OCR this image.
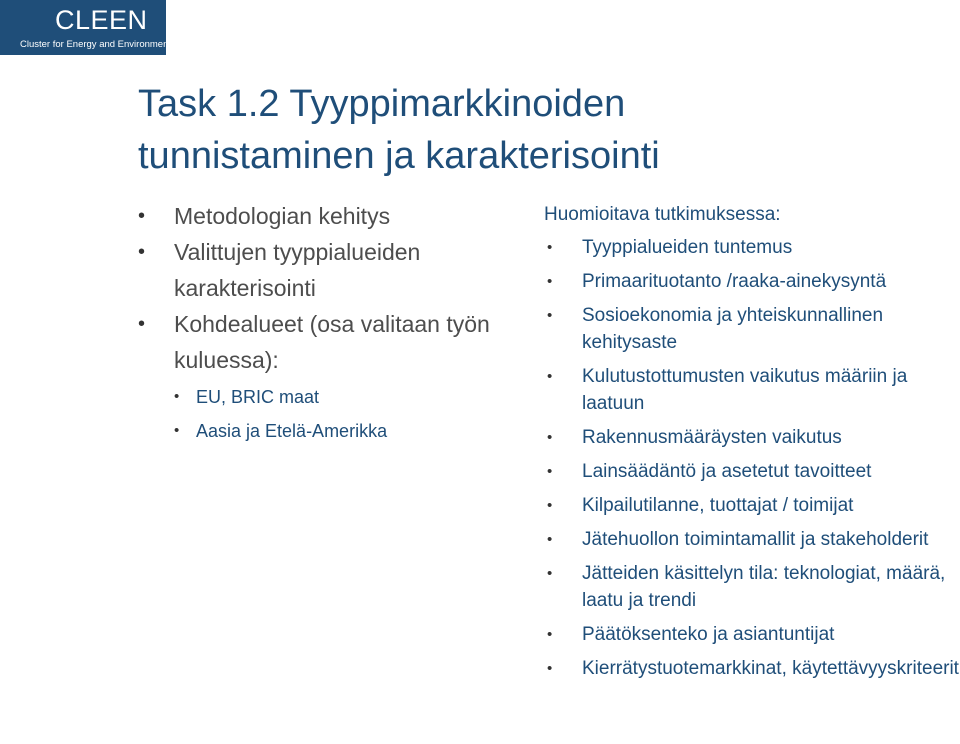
CLEEN
Cluster for Energy and Environment
Task 1.2 Tyyppimarkkinoiden tunnistaminen ja karakterisointi
• Metodologian kehitys
• Valittujen tyyppialueiden karakterisointi
• Kohdealueet (osa valitaan työn kuluessa):
• EU, BRIC maat
• Aasia ja Etelä-Amerikka

Huomioitava tutkimuksessa:

• Tyyppialueiden tuntemus
• Primaarituotanto /raaka-ainekysyntä
• Sosioekonomia ja yhteiskunnallinen kehitysaste
• Kulutustottumusten vaikutus määriin ja laatuun
• Rakennusmääräysten vaikutus
• Lainsäädäntö ja asetetut tavoitteet
• Kilpailutilanne, tuottajat / toimijat
• Jätehuollon toimintamallit ja stakeholderit
• Jätteiden käsittelyn tila: teknologiat, määrä, laatu ja trendi
• Päätöksenteko ja asiantuntijat
• Kierrätystuotemarkkinat, käytettävyyskriteerit
